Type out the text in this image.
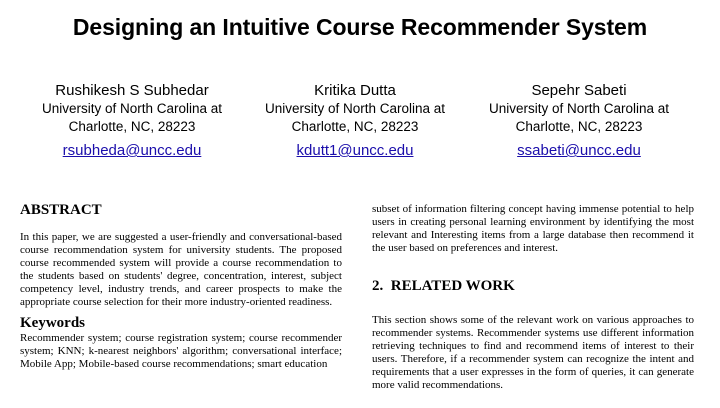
Designing an Intuitive Course Recommender System
Rushikesh S Subhedar
University of North Carolina at
Charlotte, NC, 28223
rsubheda@uncc.edu
Kritika Dutta
University of North Carolina at
Charlotte, NC, 28223
kdutt1@uncc.edu
Sepehr Sabeti
University of North Carolina at
Charlotte, NC, 28223
ssabeti@uncc.edu
ABSTRACT

In this paper, we are suggested a user-friendly and conversational-based course recommendation system for university students. The proposed course recommended system will provide a course recommendation to the students based on students' degree, concentration, interest, subject competency level, industry trends, and career prospects to make the appropriate course selection for their more industry-oriented readiness.

Keywords

Recommender system; course registration system; course recommender system; KNN; k-nearest neighbors' algorithm; conversational interface; Mobile App; Mobile-based course recommendations; smart education

subset of information filtering concept having immense potential to help users in creating personal learning environment by identifying the most relevant and Interesting items from a large database then recommend it the user based on preferences and interest.

2.  RELATED WORK

This section shows some of the relevant work on various approaches to recommender systems. Recommender systems use different information retrieving techniques to find and recommend items of interest to their users. Therefore, if a recommender system can recognize the intent and requirements that a user expresses in the form of queries, it can generate more valid recommendations.
